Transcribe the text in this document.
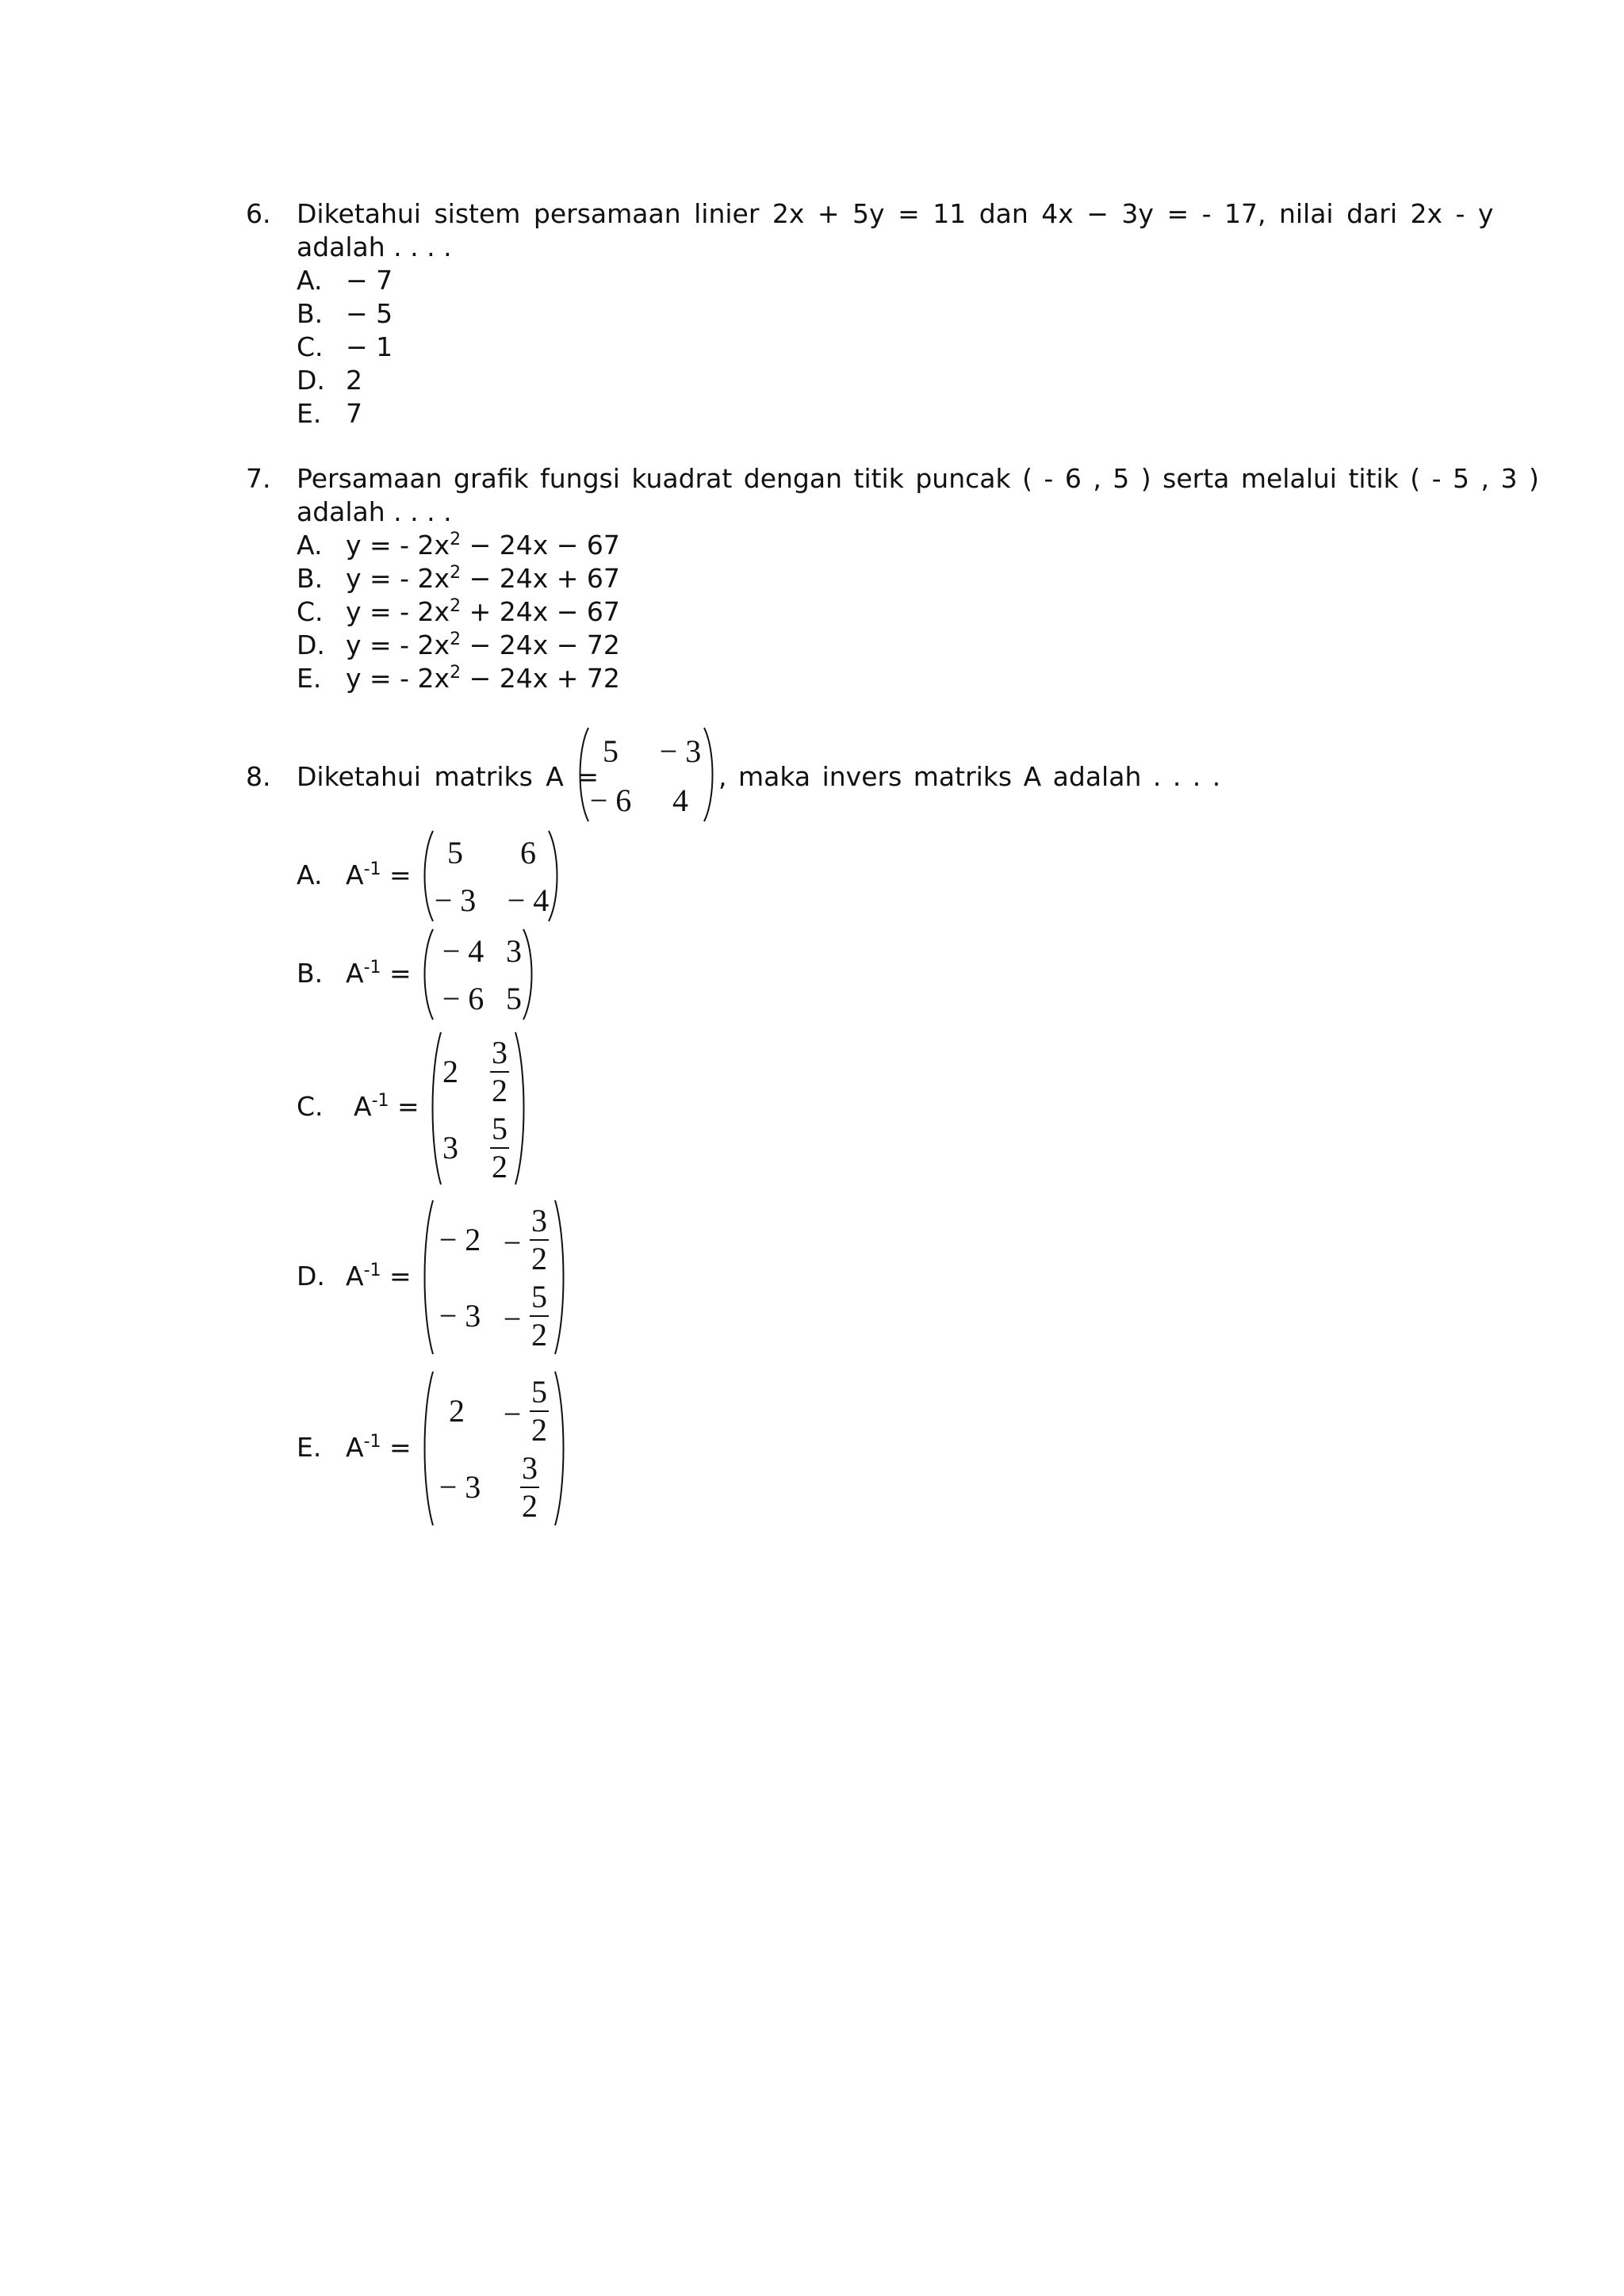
6. Diketahui sistem persamaan linier 2x + 5y = 11 dan 4x − 3y = - 17, nilai dari 2x - y
adalah . . . .
A. − 7
B. − 5
C. − 1
D. 2
E. 7
7. Persamaan grafik fungsi kuadrat dengan titik puncak ( - 6 , 5 ) serta melalui titik ( - 5 , 3 )
adalah . . . .
A. y = - $2x^2 - 24x - 67$
B. y = - $2x^2 - 24x + 67$
C. y = - $2x^2 + 24x - 67$
D. y = - $2x^2 - 24x - 72$
E. y = - $2x^2 - 24x + 72$
8. Diketahui matriks A =
5 − 3
− 6 4
, maka invers matriks A adalah . . . .
A. $A^{-1}$ =
5 6
− 3 − 4
B. $A^{-1}$ =
− 4 3
− 6 5
C. $A^{-1}$ =
2
3
2
3
5
2
D. $A^{-1}$ =
− 2 −
3
2
− 3 −
5
2
E. $A^{-1}$ =
2 −
5
2
− 3
3
2
